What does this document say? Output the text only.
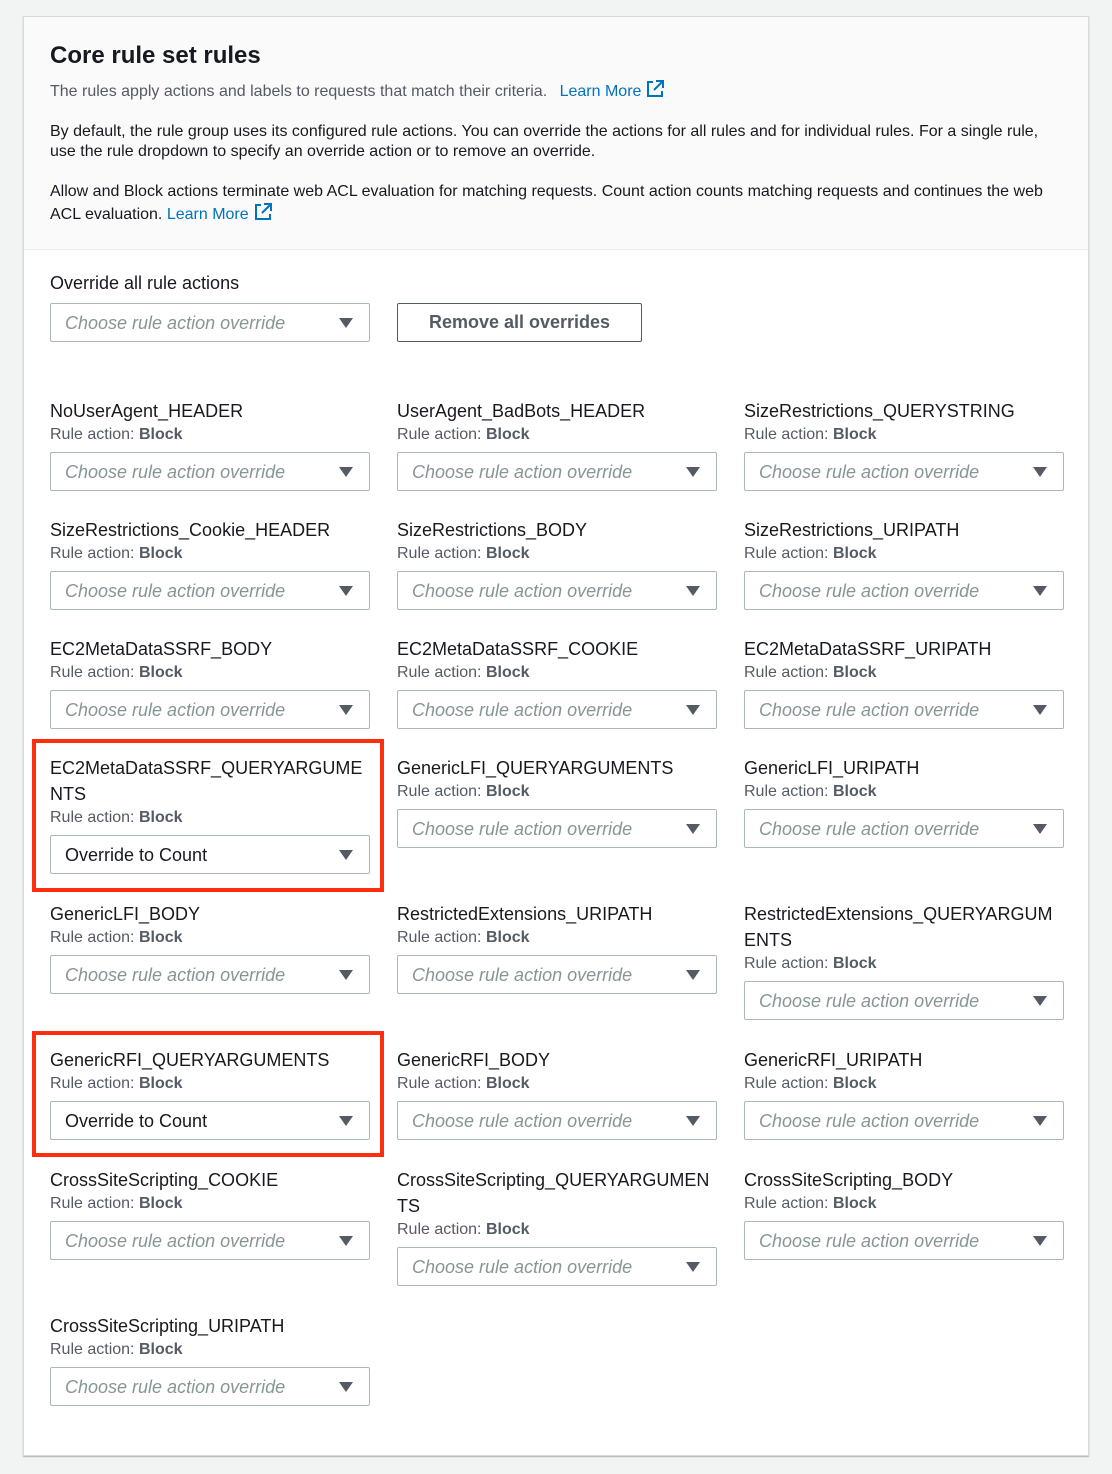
Core rule set rules
The rules apply actions and labels to requests that match their criteria. Learn More
By default, the rule group uses its configured rule actions. You can override the actions for all rules and for individual rules. For a single rule, use the rule dropdown to specify an override action or to remove an override.
Allow and Block actions terminate web ACL evaluation for matching requests. Count action counts matching requests and continues the web ACL evaluation. Learn More
Override all rule actions
Choose rule action override	Remove all overrides
NoUserAgent_HEADER
Rule action: Block
Choose rule action override
UserAgent_BadBots_HEADER
Rule action: Block
Choose rule action override
SizeRestrictions_QUERYSTRING
Rule action: Block
Choose rule action override
SizeRestrictions_Cookie_HEADER
Rule action: Block
Choose rule action override
SizeRestrictions_BODY
Rule action: Block
Choose rule action override
SizeRestrictions_URIPATH
Rule action: Block
Choose rule action override
EC2MetaDataSSRF_BODY
Rule action: Block
Choose rule action override
EC2MetaDataSSRF_COOKIE
Rule action: Block
Choose rule action override
EC2MetaDataSSRF_URIPATH
Rule action: Block
Choose rule action override
EC2MetaDataSSRF_QUERYARGUMENTS
Rule action: Block
Override to Count
GenericLFI_QUERYARGUMENTS
Rule action: Block
Choose rule action override
GenericLFI_URIPATH
Rule action: Block
Choose rule action override
GenericLFI_BODY
Rule action: Block
Choose rule action override
RestrictedExtensions_URIPATH
Rule action: Block
Choose rule action override
RestrictedExtensions_QUERYARGUMENTS
Rule action: Block
Choose rule action override
GenericRFI_QUERYARGUMENTS
Rule action: Block
Override to Count
GenericRFI_BODY
Rule action: Block
Choose rule action override
GenericRFI_URIPATH
Rule action: Block
Choose rule action override
CrossSiteScripting_COOKIE
Rule action: Block
Choose rule action override
CrossSiteScripting_QUERYARGUMENTS
Rule action: Block
Choose rule action override
CrossSiteScripting_BODY
Rule action: Block
Choose rule action override
CrossSiteScripting_URIPATH
Rule action: Block
Choose rule action override
